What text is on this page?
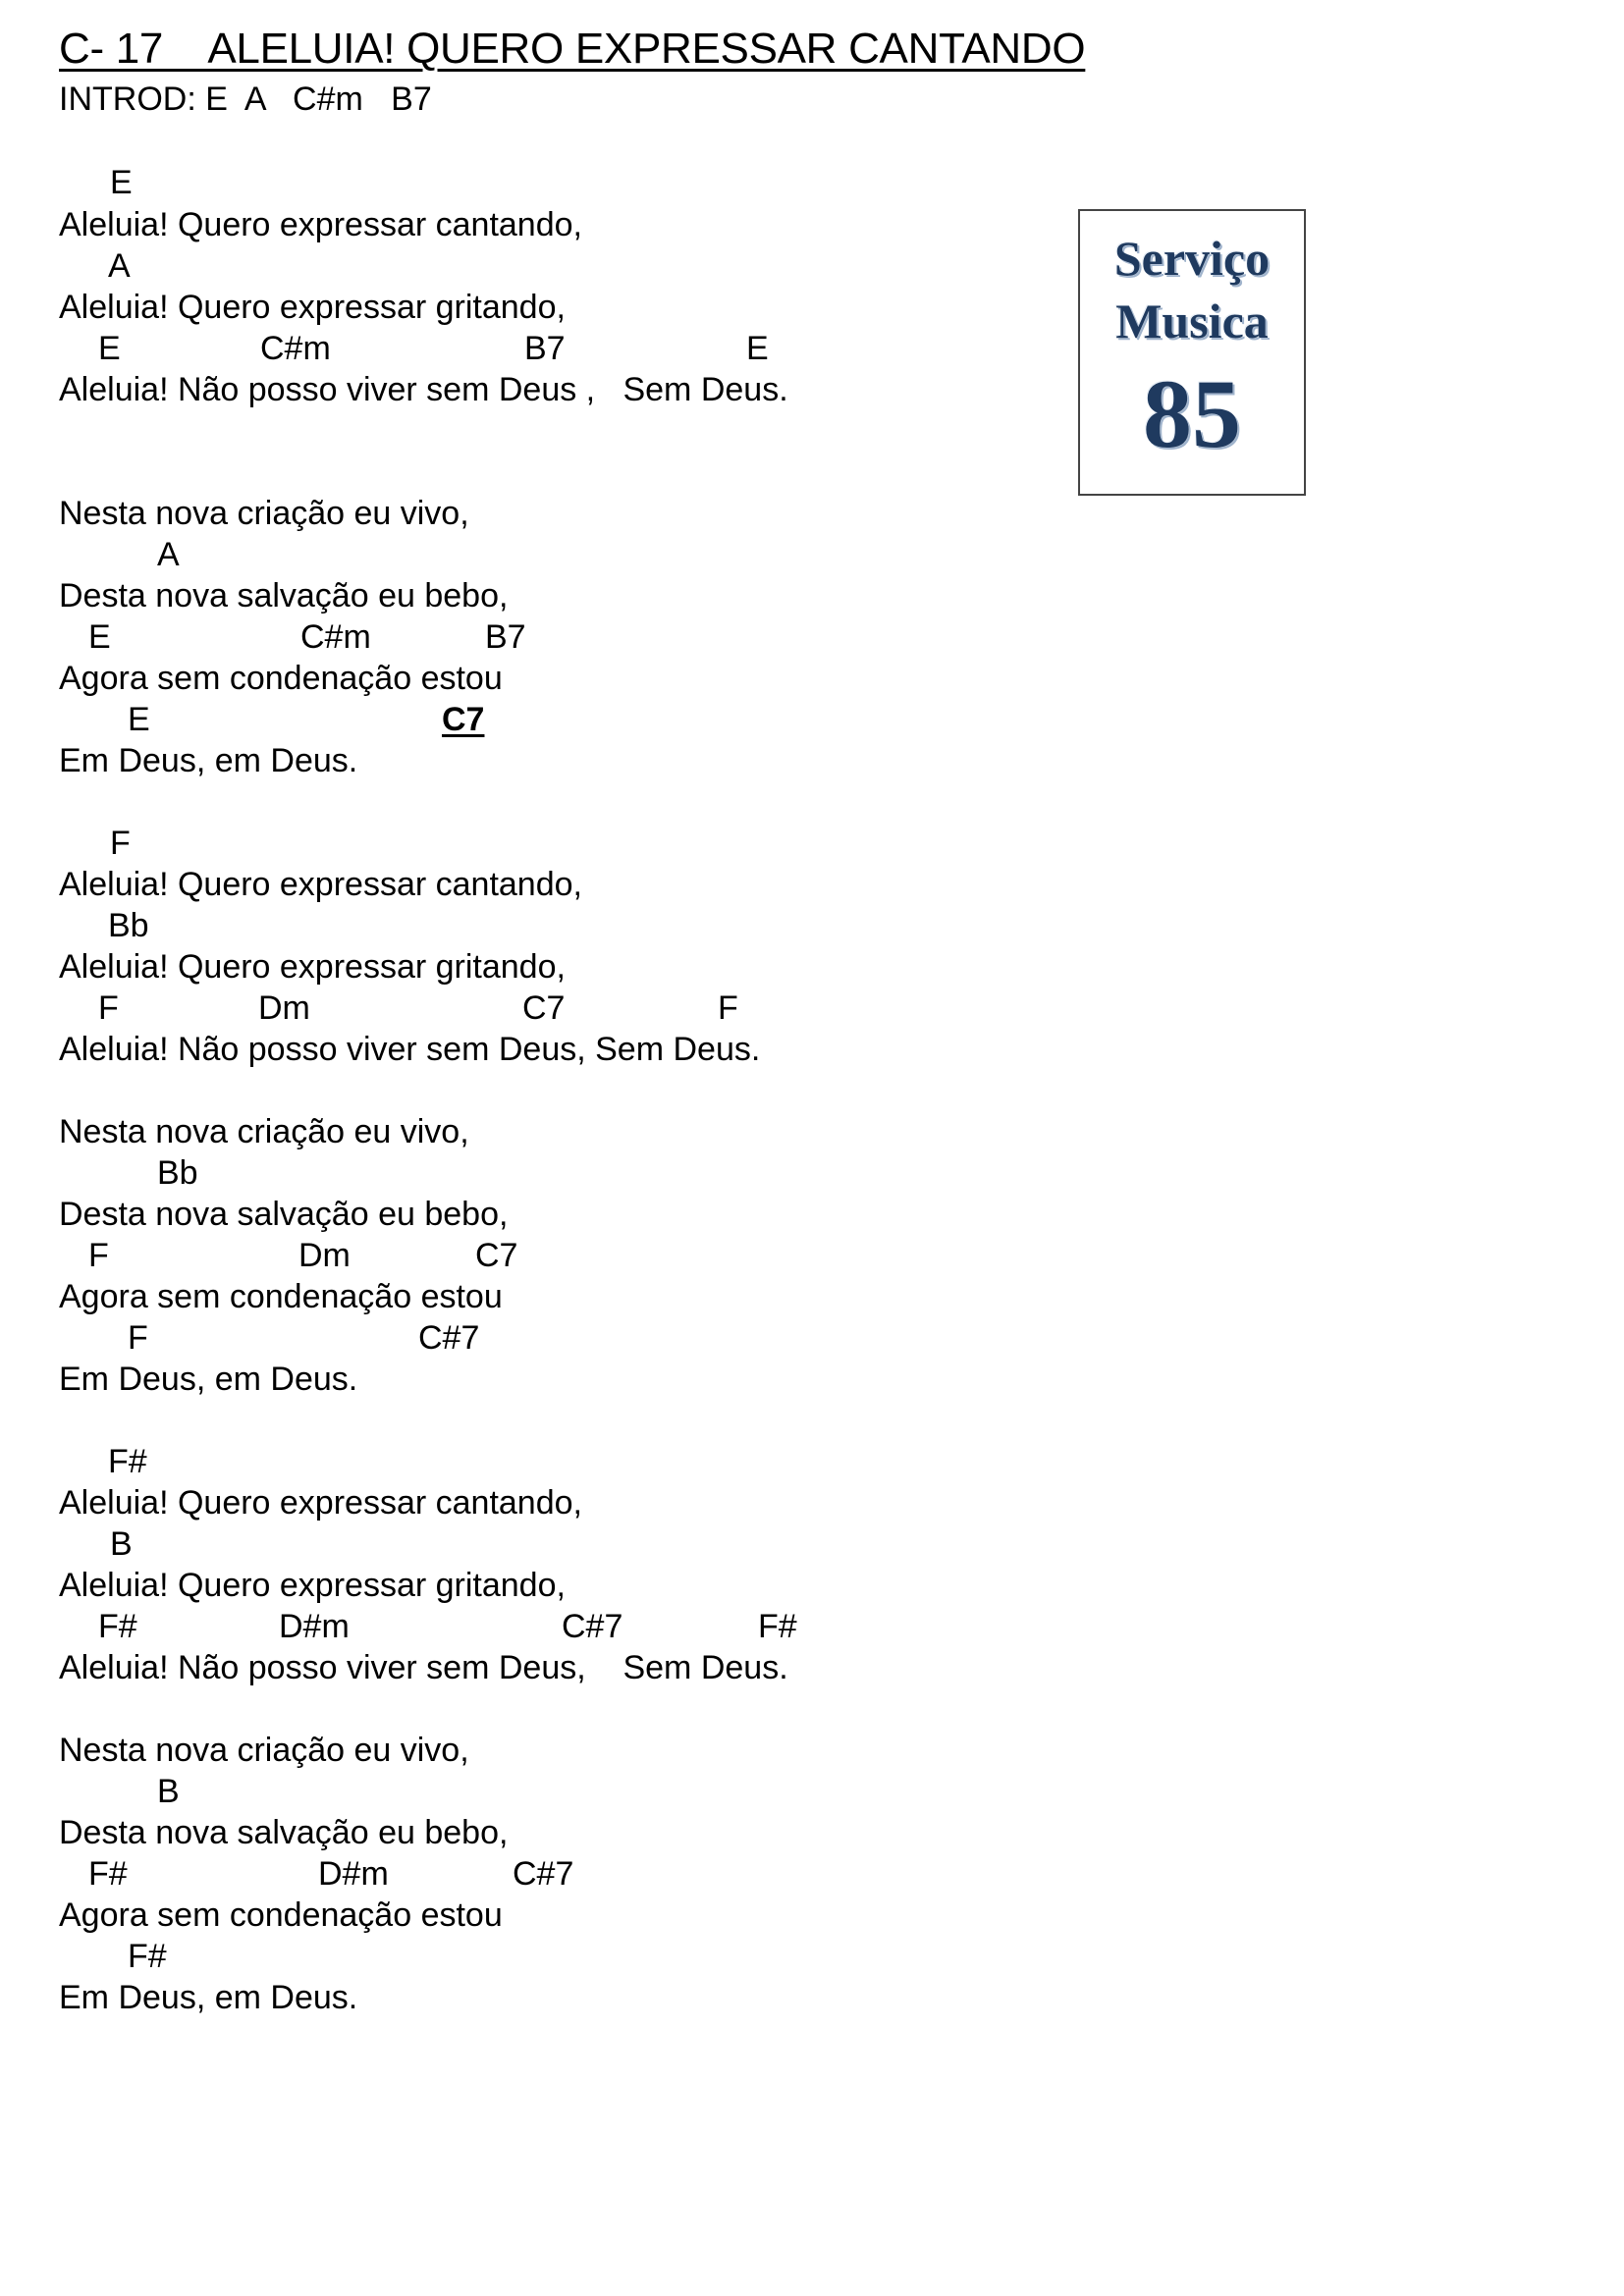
C- 17    ALELUIA! QUERO EXPRESSAR CANTANDO
INTROD: E  A   C#m   B7
Serviço
Musica
85

E

Aleluia! Quero expressar cantando,

A

Aleluia! Quero expressar gritando,

E

	C#m

	B7

	E

Aleluia! Não posso viver sem Deus ,   Sem Deus.
Nesta nova criação eu vivo,

A

Desta nova salvação eu bebo,

E

	C#m

	B7

Agora sem condenação estou

E

	C7

Em Deus, em Deus.

F

Aleluia! Quero expressar cantando,

Bb

Aleluia! Quero expressar gritando,

F

	Dm

	C7

	F

Aleluia! Não posso viver sem Deus, Sem Deus.
Nesta nova criação eu vivo,

Bb

Desta nova salvação eu bebo,

F

	Dm

	C7

Agora sem condenação estou

F

	C#7

Em Deus, em Deus.

F#

Aleluia! Quero expressar cantando,

B

Aleluia! Quero expressar gritando,

F#

	D#m

	C#7

	F#

Aleluia! Não posso viver sem Deus,    Sem Deus.
Nesta nova criação eu vivo,

B

Desta nova salvação eu bebo,

F#

	D#m

	C#7

Agora sem condenação estou

F#

Em Deus, em Deus.
